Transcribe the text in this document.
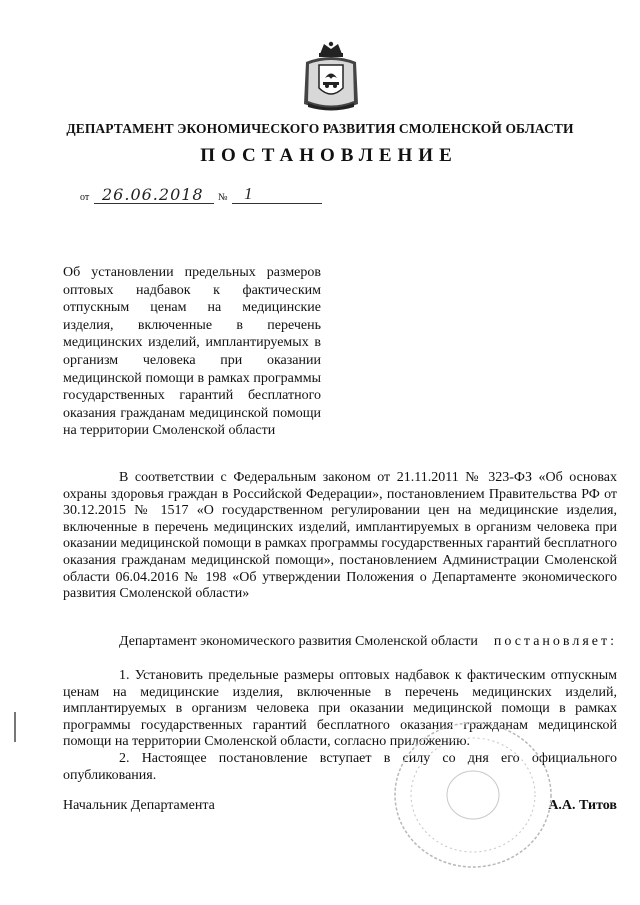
ДЕПАРТАМЕНТ ЭКОНОМИЧЕСКОГО РАЗВИТИЯ СМОЛЕНСКОЙ ОБЛАСТИ
ПОСТАНОВЛЕНИЕ
от 26.06.2018 № 1
Об установлении предельных размеров оптовых надбавок к фактическим отпускным ценам на медицинские изделия, включенные в перечень медицинских изделий, имплантируемых в организм человека при оказании медицинской помощи в рамках программы государственных гарантий бесплатного оказания гражданам медицинской помощи на территории Смоленской области

В соответствии с Федеральным законом от 21.11.2011 № 323-ФЗ «Об основах охраны здоровья граждан в Российской Федерации», постановлением Правительства РФ от 30.12.2015 № 1517 «О государственном регулировании цен на медицинские изделия, включенные в перечень медицинских изделий, имплантируемых в организм человека при оказании медицинской помощи в рамках программы государственных гарантий бесплатного оказания гражданам медицинской помощи», постановлением Администрации Смоленской области 06.04.2016 № 198 «Об утверждении Положения о Департаменте экономического развития Смоленской области»

Департамент экономического развития Смоленской области постановляет:

1. Установить предельные размеры оптовых надбавок к фактическим отпускным ценам на медицинские изделия, включенные в перечень медицинских изделий, имплантируемых в организм человека при оказании медицинской помощи в рамках программы государственных гарантий бесплатного оказания гражданам медицинской помощи на территории Смоленской области, согласно приложению.

2. Настоящее постановление вступает в силу со дня его официального опубликования.

Начальник Департамента	А.А. Титов
